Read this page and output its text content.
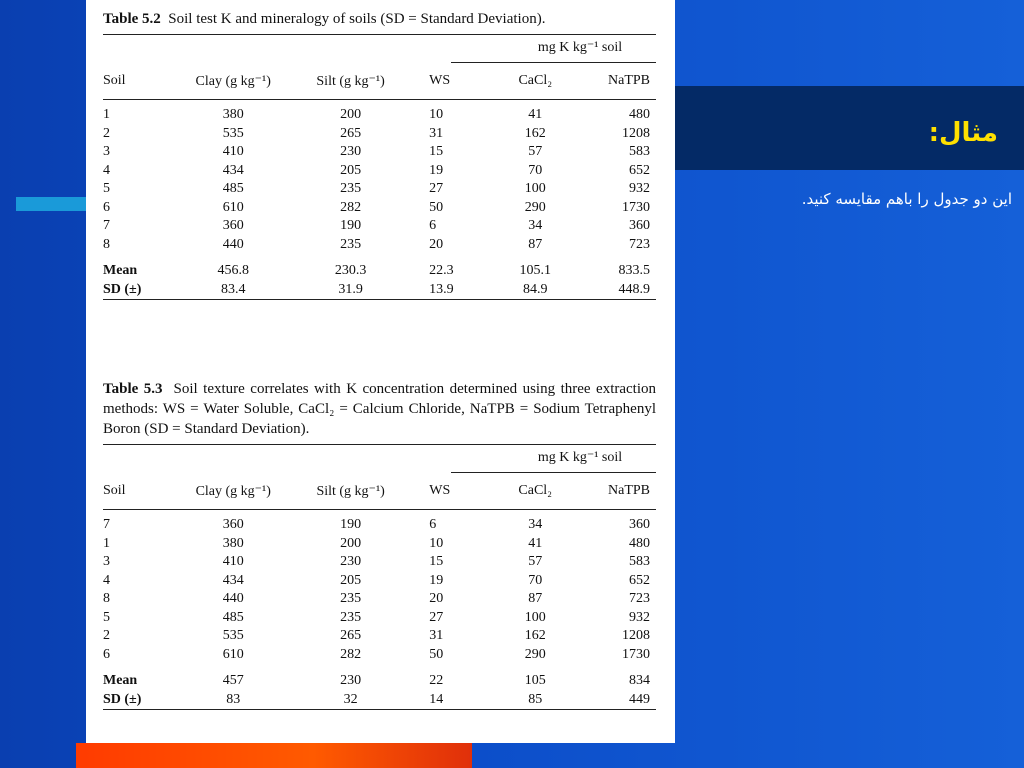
مثال:
این دو جدول را باهم مقایسه کنید.
Table 5.2 Soil test K and mineralogy of soils (SD = Standard Deviation).
mg K kg⁻¹ soil
Soil	Clay (g kg⁻¹)	Silt (g kg⁻¹)	WS	CaCl₂	NaTPB

1	380	200	10	41	480
2	535	265	31	162	1208
3	410	230	15	57	583
4	434	205	19	70	652
5	485	235	27	100	932
6	610	282	50	290	1730
7	360	190	6	34	360
8	440	235	20	87	723

Mean	456.8	230.3	22.3	105.1	833.5
SD (±)	83.4	31.9	13.9	84.9	448.9

Table 5.3 Soil texture correlates with K concentration determined using three extraction methods: WS = Water Soluble, CaCl₂ = Calcium Chloride, NaTPB = Sodium Tetraphenyl Boron (SD = Standard Deviation).
mg K kg⁻¹ soil
Soil	Clay (g kg⁻¹)	Silt (g kg⁻¹)	WS	CaCl₂	NaTPB

7	360	190	6	34	360
1	380	200	10	41	480
3	410	230	15	57	583
4	434	205	19	70	652
8	440	235	20	87	723
5	485	235	27	100	932
2	535	265	31	162	1208
6	610	282	50	290	1730

Mean	457	230	22	105	834
SD (±)	83	32	14	85	449
